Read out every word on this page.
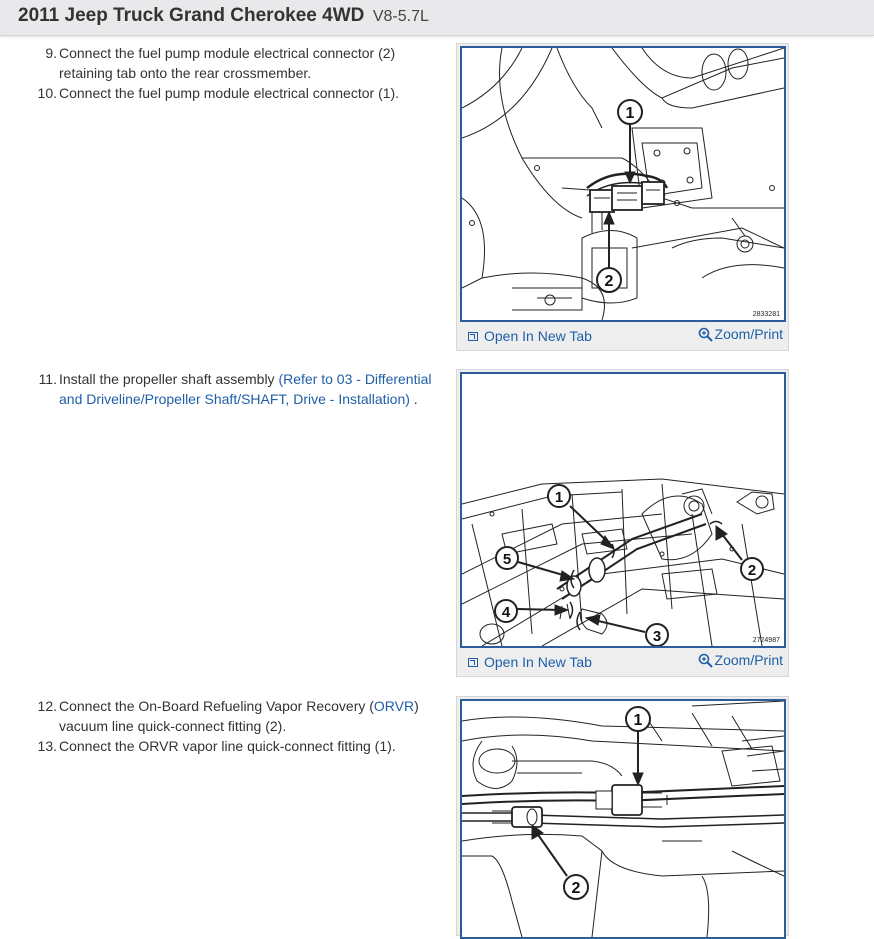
2011 Jeep Truck Grand Cherokee 4WD V8-5.7L
9. Connect the fuel pump module electrical connector (2) retaining tab onto the rear crossmember.
10. Connect the fuel pump module electrical connector (1).
1
2
2833281
Open In New Tab	Zoom/Print
11. Install the propeller shaft assembly (Refer to 03 - Differential and Driveline/Propeller Shaft/SHAFT, Drive - Installation) .
1
2
3
4
5
2724987
Open In New Tab	Zoom/Print
12. Connect the On-Board Refueling Vapor Recovery (ORVR) vacuum line quick-connect fitting (2).
13. Connect the ORVR vapor line quick-connect fitting (1).
1
2
